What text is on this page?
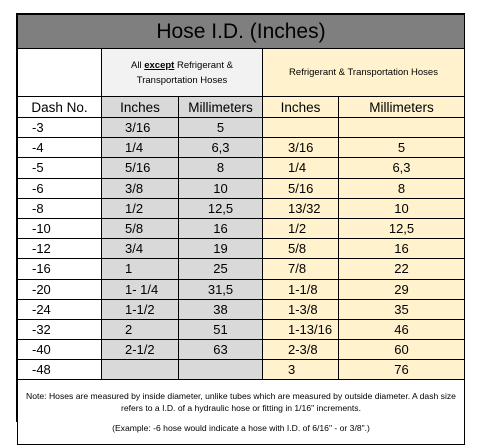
Hose I.D. (Inches)				
	All except Refrigerant &
Transportation Hoses		Refrigerant & Transportation Hoses	
Dash No.	Inches	Millimeters	Inches	Millimeters
-3	3/16	5		
-4	1/4	6,3	3/16	5
-5	5/16	8	1/4	6,3
-6	3/8	10	5/16	8
-8	1/2	12,5	13/32	10
-10	5/8	16	1/2	12,5
-12	3/4	19	5/8	16
-16	1	25	7/8	22
-20	1- 1/4	31,5	1-1/8	29
-24	1-1/2	38	1-3/8	35
-32	2	51	1-13/16	46
-40	2-1/2	63	2-3/8	60
-48			3	76

Note: Hoses are measured by inside diameter, unlike tubes which are measured by outside diameter. A dash size refers to a I.D. of a hydraulic hose or fitting in 1/16" increments.

(Example: -6 hose would indicate a hose with I.D. of 6/16" - or 3/8".)				
